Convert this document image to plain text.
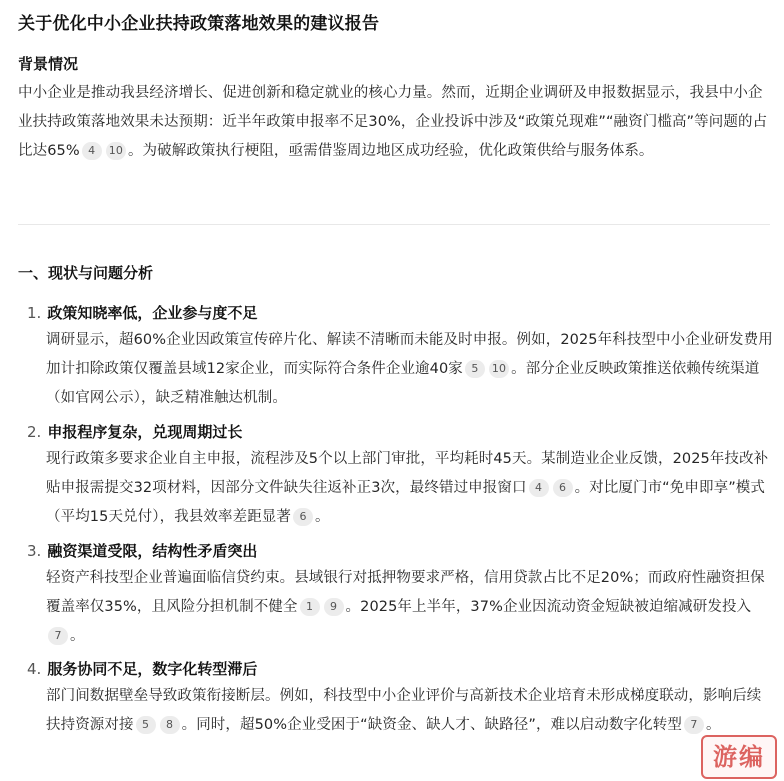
关于优化中小企业扶持政策落地效果的建议报告
背景情况
中小企业是推动我县经济增长、促进创新和稳定就业的核心力量。然而，近期企业调研及申报数据显示，我县中小企业扶持政策落地效果未达预期：近半年政策申报率不足30%，企业投诉中涉及“政策兑现难”“融资门槛高”等问题的占比达65% 4 10 。为破解政策执行梗阻，亟需借鉴周边地区成功经验，优化政策供给与服务体系。
一、现状与问题分析
1. 政策知晓率低，企业参与度不足
调研显示，超60%企业因政策宣传碎片化、解读不清晰而未能及时申报。例如，2025年科技型中小企业研发费用加计扣除政策仅覆盖县域12家企业，而实际符合条件企业逾40家 5 10 。部分企业反映政策推送依赖传统渠道（如官网公示），缺乏精准触达机制。
2. 申报程序复杂，兑现周期过长
现行政策多要求企业自主申报，流程涉及5个以上部门审批，平均耗时45天。某制造业企业反馈，2025年技改补贴申报需提交32项材料，因部分文件缺失往返补正3次，最终错过申报窗口 4 6 。对比厦门市“免申即享”模式（平均15天兑付），我县效率差距显著 6 。
3. 融资渠道受限，结构性矛盾突出
轻资产科技型企业普遍面临信贷约束。县域银行对抵押物要求严格，信用贷款占比不足20%；而政府性融资担保覆盖率仅35%，且风险分担机制不健全 1 9 。2025年上半年，37%企业因流动资金短缺被迫缩减研发投入7 。
4. 服务协同不足，数字化转型滞后
部门间数据壁垒导致政策衔接断层。例如，科技型中小企业评价与高新技术企业培育未形成梯度联动，影响后续扶持资源对接 5 8 。同时，超50%企业受困于“缺资金、缺人才、缺路径”，难以启动数字化转型 7 。
游编
